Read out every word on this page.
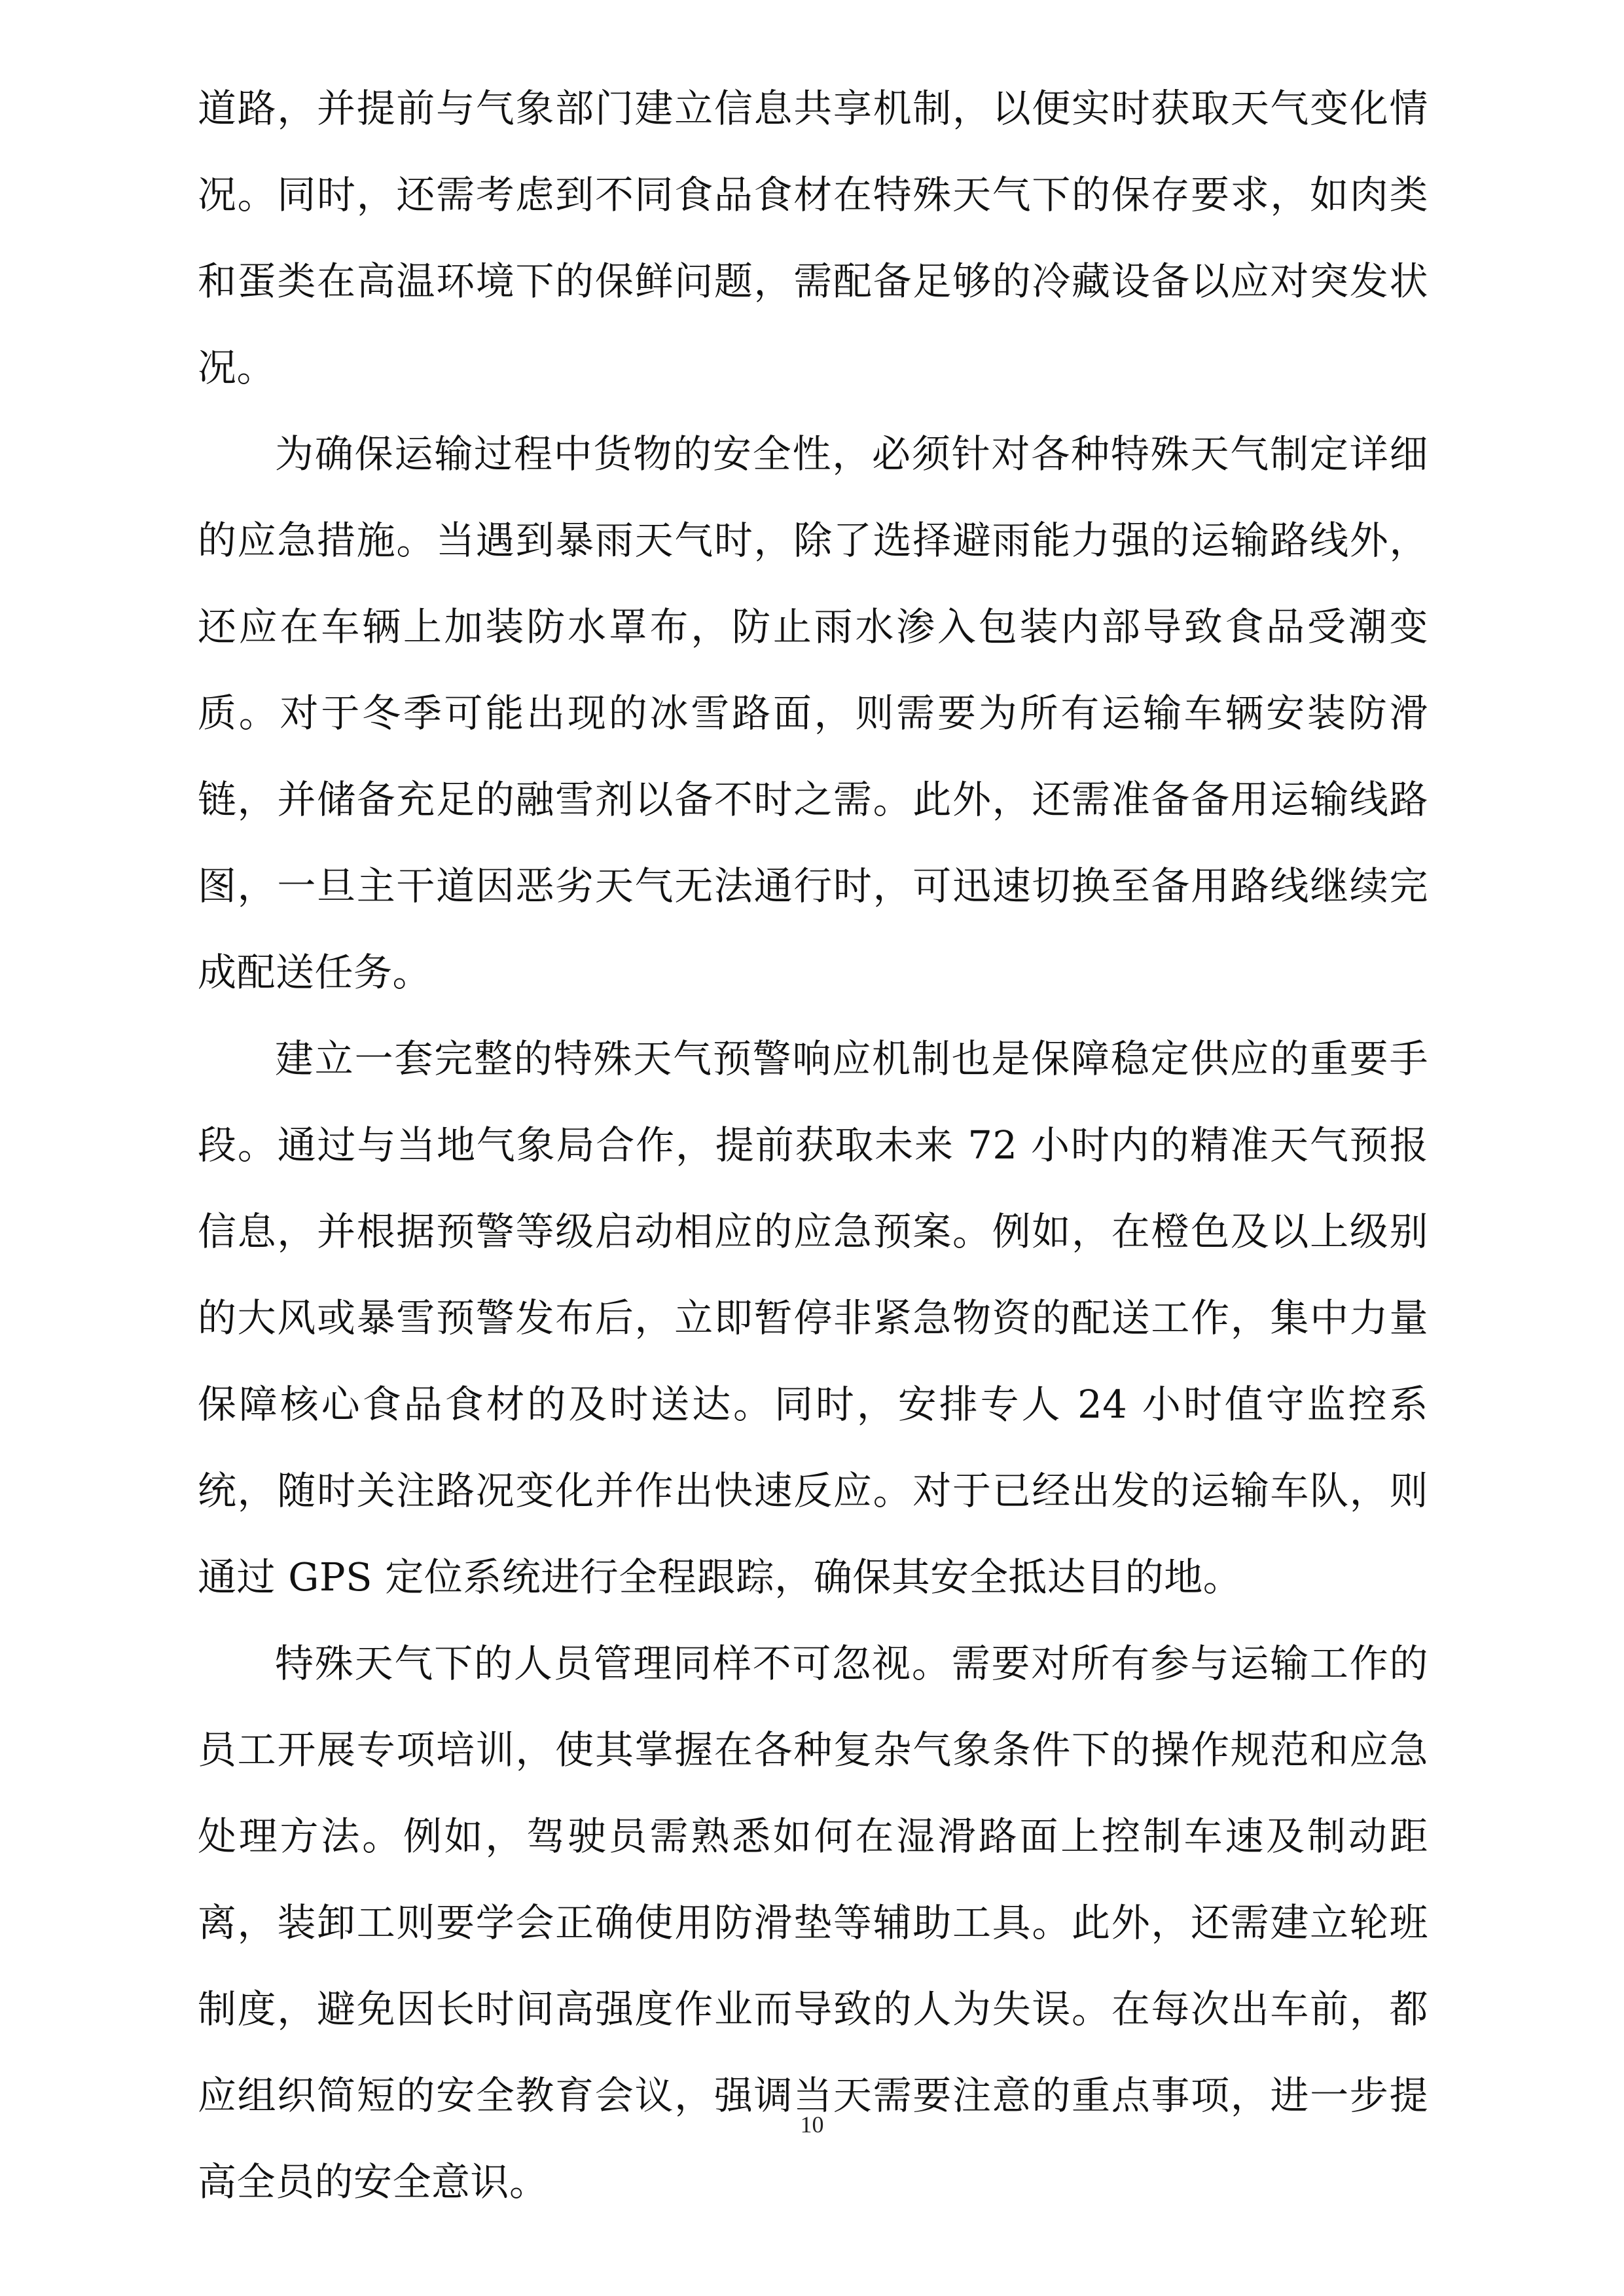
道路，并提前与气象部门建立信息共享机制，以便实时获取天气变化情况。同时，还需考虑到不同食品食材在特殊天气下的保存要求，如肉类和蛋类在高温环境下的保鲜问题，需配备足够的冷藏设备以应对突发状况。

为确保运输过程中货物的安全性，必须针对各种特殊天气制定详细的应急措施。当遇到暴雨天气时，除了选择避雨能力强的运输路线外，还应在车辆上加装防水罩布，防止雨水渗入包装内部导致食品受潮变质。对于冬季可能出现的冰雪路面，则需要为所有运输车辆安装防滑链，并储备充足的融雪剂以备不时之需。此外，还需准备备用运输线路图，一旦主干道因恶劣天气无法通行时，可迅速切换至备用路线继续完成配送任务。

建立一套完整的特殊天气预警响应机制也是保障稳定供应的重要手段。通过与当地气象局合作，提前获取未来 72 小时内的精准天气预报信息，并根据预警等级启动相应的应急预案。例如，在橙色及以上级别的大风或暴雪预警发布后，立即暂停非紧急物资的配送工作，集中力量保障核心食品食材的及时送达。同时，安排专人 24 小时值守监控系统，随时关注路况变化并作出快速反应。对于已经出发的运输车队，则通过 GPS 定位系统进行全程跟踪，确保其安全抵达目的地。

特殊天气下的人员管理同样不可忽视。需要对所有参与运输工作的员工开展专项培训，使其掌握在各种复杂气象条件下的操作规范和应急处理方法。例如，驾驶员需熟悉如何在湿滑路面上控制车速及制动距离，装卸工则要学会正确使用防滑垫等辅助工具。此外，还需建立轮班制度，避免因长时间高强度作业而导致的人为失误。在每次出车前，都应组织简短的安全教育会议，强调当天需要注意的重点事项，进一步提高全员的安全意识。

10
